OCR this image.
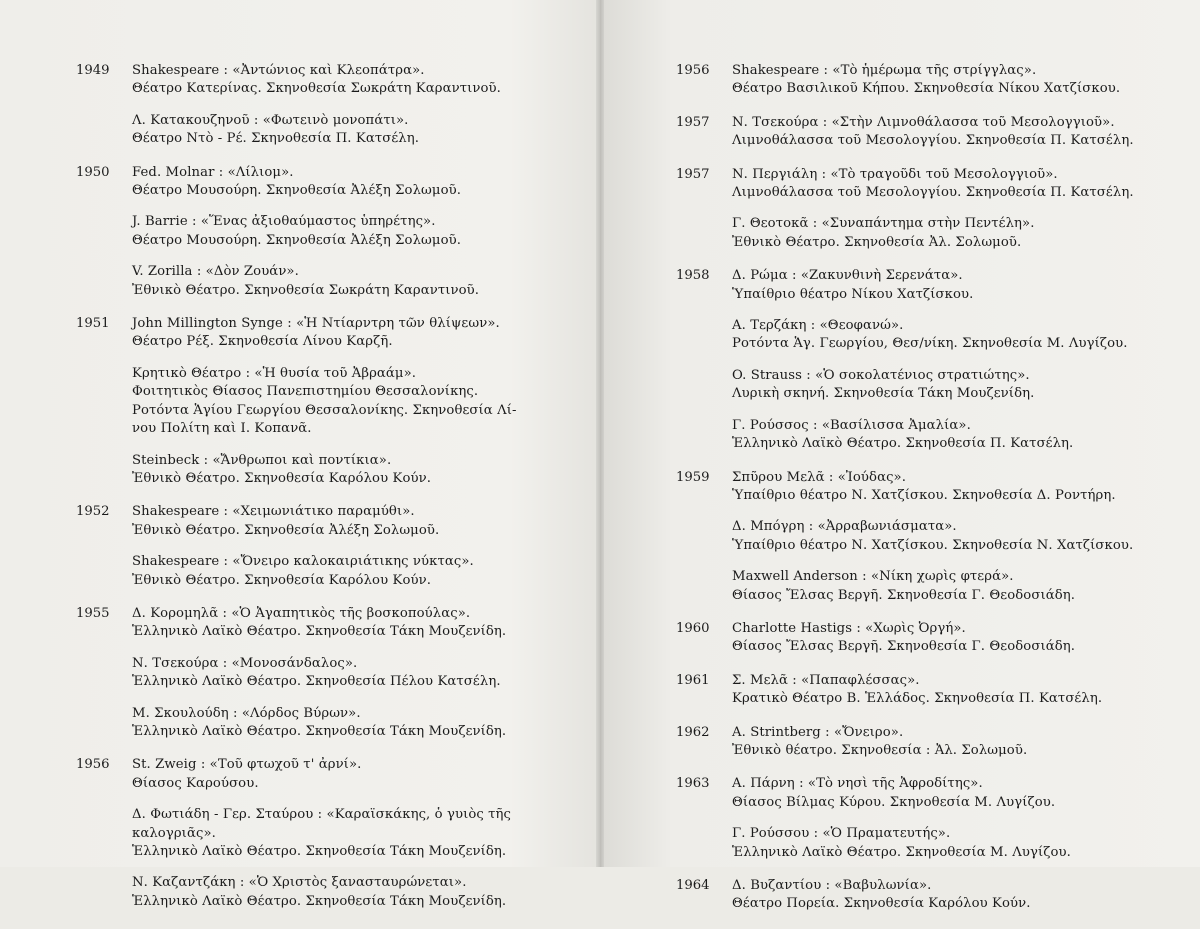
1949	Shakespeare : «Ἀντώνιος καὶ Κλεοπάτρα».
Θέατρο Κατερίνας. Σκηνοθεσία Σωκράτη Καραντινοῦ.
Λ. Κατακουζηνοῦ : «Φωτεινὸ μονοπάτι».
Θέατρο Ντὸ - Ρέ. Σκηνοθεσία Π. Κατσέλη.
1950	Fed. Molnar : «Λίλιομ».
Θέατρο Μουσούρη. Σκηνοθεσία Ἀλέξη Σολωμοῦ.
J. Barrie : «Ἕνας ἀξιοθαύμαστος ὑπηρέτης».
Θέατρο Μουσούρη. Σκηνοθεσία Ἀλέξη Σολωμοῦ.
V. Zorilla : «Δὸν Ζουάν».
Ἐθνικὸ Θέατρο. Σκηνοθεσία Σωκράτη Καραντινοῦ.
1951	John Millington Synge : «Ἡ Ντίαρντρη τῶν θλίψεων».
Θέατρο Ρέξ. Σκηνοθεσία Λίνου Καρζῆ.
Κρητικὸ Θέατρο : «Ἡ θυσία τοῦ Ἀβραάμ».
Φοιτητικὸς Θίασος Πανεπιστημίου Θεσσαλονίκης.
Ροτόντα Ἁγίου Γεωργίου Θεσσαλονίκης. Σκηνοθεσία Λί-
νου Πολίτη καὶ Ι. Κοπανᾶ.
Steinbeck : «Ἄνθρωποι καὶ ποντίκια».
Ἐθνικὸ Θέατρο. Σκηνοθεσία Καρόλου Κούν.
1952	Shakespeare : «Χειμωνιάτικο παραμύθι».
Ἐθνικὸ Θέατρο. Σκηνοθεσία Ἀλέξη Σολωμοῦ.
Shakespeare : «Ὄνειρο καλοκαιριάτικης νύκτας».
Ἐθνικὸ Θέατρο. Σκηνοθεσία Καρόλου Κούν.
1955	Δ. Κορομηλᾶ : «Ὁ Ἀγαπητικὸς τῆς βοσκοπούλας».
Ἑλληνικὸ Λαϊκὸ Θέατρο. Σκηνοθεσία Τάκη Μουζενίδη.
Ν. Τσεκούρα : «Μονοσάνδαλος».
Ἑλληνικὸ Λαϊκὸ Θέατρο. Σκηνοθεσία Πέλου Κατσέλη.
Μ. Σκουλούδη : «Λόρδος Βύρων».
Ἑλληνικὸ Λαϊκὸ Θέατρο. Σκηνοθεσία Τάκη Μουζενίδη.
1956	St. Zweig : «Τοῦ φτωχοῦ τ' ἀρνί».
Θίασος Καρούσου.
Δ. Φωτιάδη - Γερ. Σταύρου : «Καραϊσκάκης, ὁ γυιὸς τῆς
καλογριᾶς».
Ἑλληνικὸ Λαϊκὸ Θέατρο. Σκηνοθεσία Τάκη Μουζενίδη.
Ν. Καζαντζάκη : «Ὁ Χριστὸς ξανασταυρώνεται».
Ἑλληνικὸ Λαϊκὸ Θέατρο. Σκηνοθεσία Τάκη Μουζενίδη.
1956	Shakespeare : «Τὸ ἡμέρωμα τῆς στρίγγλας».
Θέατρο Βασιλικοῦ Κήπου. Σκηνοθεσία Νίκου Χατζίσκου.
1957	Ν. Τσεκούρα : «Στὴν Λιμνοθάλασσα τοῦ Μεσολογγιοῦ».
Λιμνοθάλασσα τοῦ Μεσολογγίου. Σκηνοθεσία Π. Κατσέλη.
1957	Ν. Περγιάλη : «Τὸ τραγοῦδι τοῦ Μεσολογγιοῦ».
Λιμνοθάλασσα τοῦ Μεσολογγίου. Σκηνοθεσία Π. Κατσέλη.
Γ. Θεοτοκᾶ : «Συναπάντημα στὴν Πεντέλη».
Ἐθνικὸ Θέατρο. Σκηνοθεσία Ἀλ. Σολωμοῦ.
1958	Δ. Ρώμα : «Ζακυνθινὴ Σερενάτα».
Ὑπαίθριο θέατρο Νίκου Χατζίσκου.
Α. Τερζάκη : «Θεοφανώ».
Ροτόντα Ἁγ. Γεωργίου, Θεσ/νίκη. Σκηνοθεσία Μ. Λυγίζου.
O. Strauss : «Ὁ σοκολατένιος στρατιώτης».
Λυρικὴ σκηνή. Σκηνοθεσία Τάκη Μουζενίδη.
Γ. Ρούσσος : «Βασίλισσα Ἀμαλία».
Ἑλληνικὸ Λαϊκὸ Θέατρο. Σκηνοθεσία Π. Κατσέλη.
1959	Σπῦρου Μελᾶ : «Ἰούδας».
Ὑπαίθριο θέατρο Ν. Χατζίσκου. Σκηνοθεσία Δ. Ροντήρη.
Δ. Μπόγρη : «Ἀρραβωνιάσματα».
Ὑπαίθριο θέατρο Ν. Χατζίσκου. Σκηνοθεσία Ν. Χατζίσκου.
Maxwell Anderson : «Νίκη χωρὶς φτερά».
Θίασος Ἔλσας Βεργῆ. Σκηνοθεσία Γ. Θεοδοσιάδη.
1960	Charlotte Hastigs : «Χωρὶς Ὀργή».
Θίασος Ἔλσας Βεργῆ. Σκηνοθεσία Γ. Θεοδοσιάδη.
1961	Σ. Μελᾶ : «Παπαφλέσσας».
Κρατικὸ Θέατρο Β. Ἑλλάδος. Σκηνοθεσία Π. Κατσέλη.
1962	A. Strintberg : «Ὄνειρο».
Ἐθνικὸ θέατρο. Σκηνοθεσία : Ἀλ. Σολωμοῦ.
1963	Α. Πάρνη : «Τὸ νησὶ τῆς Ἀφροδίτης».
Θίασος Βίλμας Κύρου. Σκηνοθεσία Μ. Λυγίζου.
Γ. Ρούσσου : «Ὁ Πραματευτής».
Ἑλληνικὸ Λαϊκὸ Θέατρο. Σκηνοθεσία Μ. Λυγίζου.
1964	Δ. Βυζαντίου : «Βαβυλωνία».
Θέατρο Πορεία. Σκηνοθεσία Καρόλου Κούν.
